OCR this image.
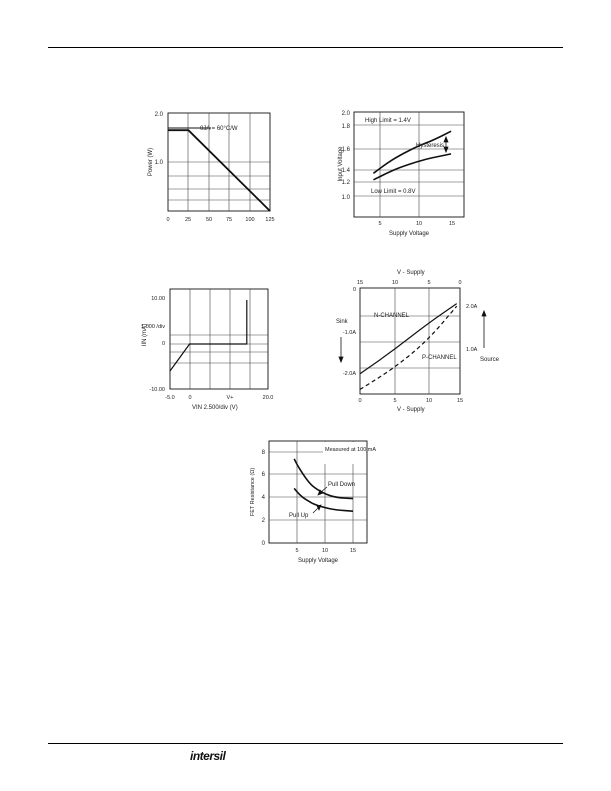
2.0
1.0
0	25	50	75 100 125
θJA = 60°C/W
Power (W)
2.0
1.8
1.6
1.4
1.2
1.0
5	10	15
Supply Voltage
Input Voltage
High Limit = 1.4V
Hysteresis
Low Limit = 0.8V
10.00
1.000 /div
0
-10.00
-5.0 0	V+	20.0
VIN 2.500/div (V)
IIN (mA)
V - Supply
15	10	5	0
0	5	10	15
V - Supply
0
-1.0A
-2.0A
2.0A
1.0A
Sink
Source
N-CHANNEL
P-CHANNEL
8
6
4
2
0
5	10	15
Supply Voltage
FET Resistance (Ω)
Measured at 100 mA
Pull Down
Pull Up
intersil
